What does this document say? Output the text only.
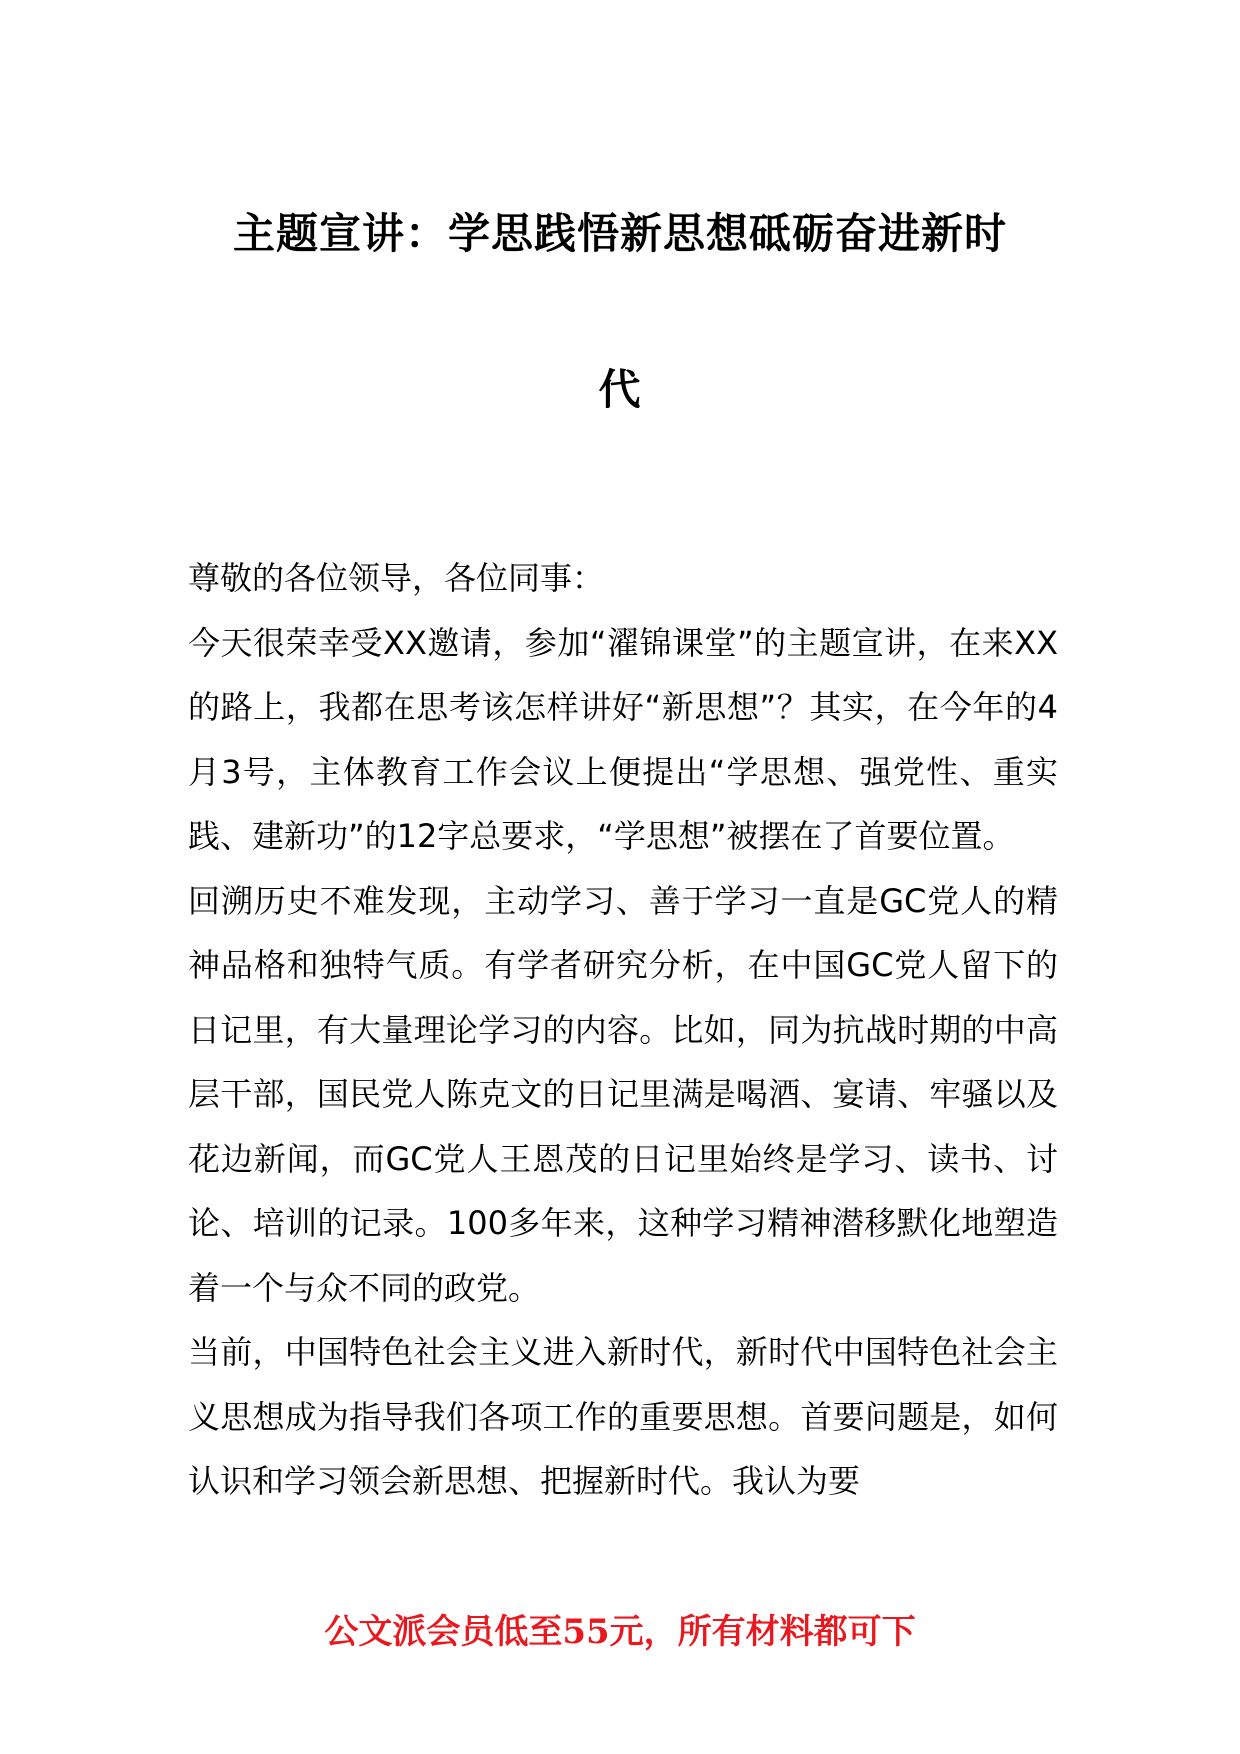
主题宣讲：学思践悟新思想砥砺奋进新时
代

尊敬的各位领导，各位同事：

今天很荣幸受XX邀请，参加“濯锦课堂”的主题宣讲，在来XX的路上，我都在思考该怎样讲好“新思想”？其实，在今年的4月3号，主体教育工作会议上便提出“学思想、强党性、重实践、建新功”的12字总要求，“学思想”被摆在了首要位置。

回溯历史不难发现，主动学习、善于学习一直是GC党人的精神品格和独特气质。有学者研究分析，在中国GC党人留下的日记里，有大量理论学习的内容。比如，同为抗战时期的中高层干部，国民党人陈克文的日记里满是喝酒、宴请、牢骚以及花边新闻，而GC党人王恩茂的日记里始终是学习、读书、讨论、培训的记录。100多年来，这种学习精神潜移默化地塑造着一个与众不同的政党。

当前，中国特色社会主义进入新时代，新时代中国特色社会主义思想成为指导我们各项工作的重要思想。首要问题是，如何认识和学习领会新思想、把握新时代。我认为要

公文派会员低至55元，所有材料都可下
